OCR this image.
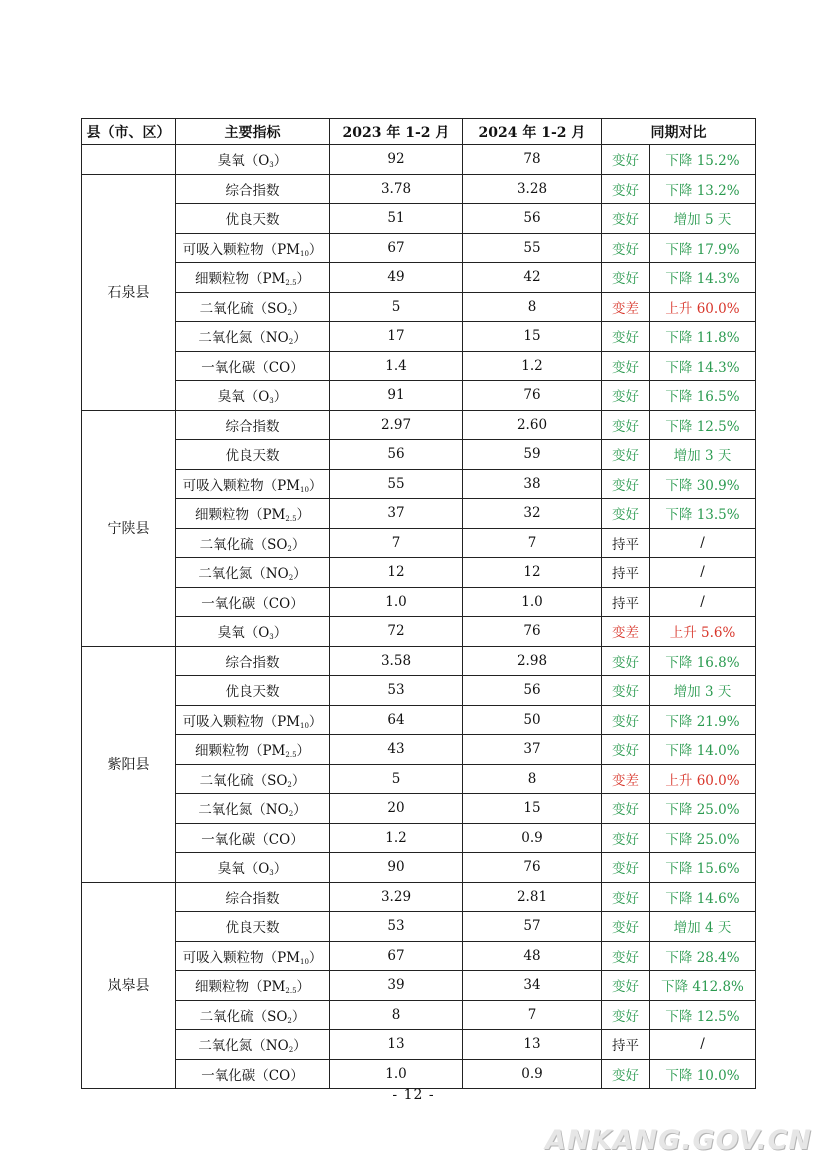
县（市、区）	主要指标	2023 年 1-2 月	2024 年 1-2 月	同期对比	
	臭氧$(O_3)$	92	78	变好	下降 15.2%
石泉县	综合指数	3.78	3.28	变好	下降 13.2%
	优良天数	51	56	变好	增加 5 天
	可吸入颗粒物$(PM_{10})$	67	55	变好	下降 17.9%
	细颗粒物$(PM_{2.5})$	49	42	变好	下降 14.3%
	二氧化硫$(SO_2)$	5	8	变差	上升 60.0%
	二氧化氮$(NO_2)$	17	15	变好	下降 11.8%
	一氧化碳（CO）	1.4	1.2	变好	下降 14.3%
	臭氧$(O_3)$	91	76	变好	下降 16.5%
宁陕县	综合指数	2.97	2.60	变好	下降 12.5%
	优良天数	56	59	变好	增加 3 天
	可吸入颗粒物$(PM_{10})$	55	38	变好	下降 30.9%
	细颗粒物$(PM_{2.5})$	37	32	变好	下降 13.5%
	二氧化硫$(SO_2)$	7	7	持平	/
	二氧化氮$(NO_2)$	12	12	持平	/
	一氧化碳（CO）	1.0	1.0	持平	/
	臭氧$(O_3)$	72	76	变差	上升 5.6%
紫阳县	综合指数	3.58	2.98	变好	下降 16.8%
	优良天数	53	56	变好	增加 3 天
	可吸入颗粒物$(PM_{10})$	64	50	变好	下降 21.9%
	细颗粒物$(PM_{2.5})$	43	37	变好	下降 14.0%
	二氧化硫$(SO_2)$	5	8	变差	上升 60.0%
	二氧化氮$(NO_2)$	20	15	变好	下降 25.0%
	一氧化碳（CO）	1.2	0.9	变好	下降 25.0%
	臭氧$(O_3)$	90	76	变好	下降 15.6%
岚皋县	综合指数	3.29	2.81	变好	下降 14.6%
	优良天数	53	57	变好	增加 4 天
	可吸入颗粒物$(PM_{10})$	67	48	变好	下降 28.4%
	细颗粒物$(PM_{2.5})$	39	34	变好	下降 412.8%
	二氧化硫$(SO_2)$	8	7	变好	下降 12.5%
	二氧化氮$(NO_2)$	13	13	持平	/
	一氧化碳（CO）	1.0	0.9	变好	下降 10.0%
- 12 -
ANKANG.GOV.CN
